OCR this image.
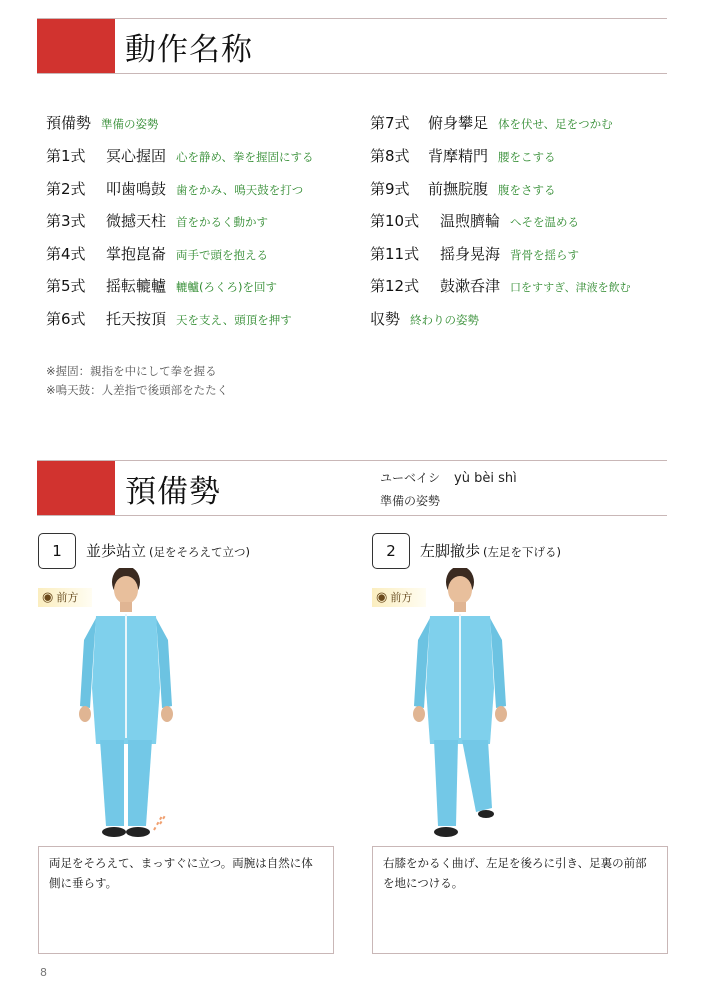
動作名称
預備勢 準備の姿勢
第1式 冥心握固 心を静め、拳を握固にする
第2式 叩歯鳴鼓 歯をかみ、鳴天鼓を打つ
第3式 微撼天柱 首をかるく動かす
第4式 掌抱崑崙 両手で頭を抱える
第5式 摇転轆轤 轆轤(ろくろ)を回す
第6式 托天按頂 天を支え、頭頂を押す
第7式 俯身攀足 体を伏せ、足をつかむ
第8式 背摩精門 腰をこする
第9式 前撫脘腹 腹をさする
第10式 温煦臍輪 へそを温める
第11式 摇身晃海 背骨を揺らす
第12式 鼓漱呑津 口をすすぎ、津液を飲む
収勢 終わりの姿勢
※握固：親指を中にして拳を握る
※鳴天鼓：人差指で後頭部をたたく
預備勢	ユーベイシ yù bèi shì
準備の姿勢
1	並歩站立 (足をそろえて立つ)
◉ 前方
2	左脚撤歩 (左足を下げる)
◉ 前方

両足をそろえて、まっすぐに立つ。両腕は自然に体側に垂らす。

右膝をかるく曲げ、左足を後ろに引き、足裏の前部を地につける。

8
